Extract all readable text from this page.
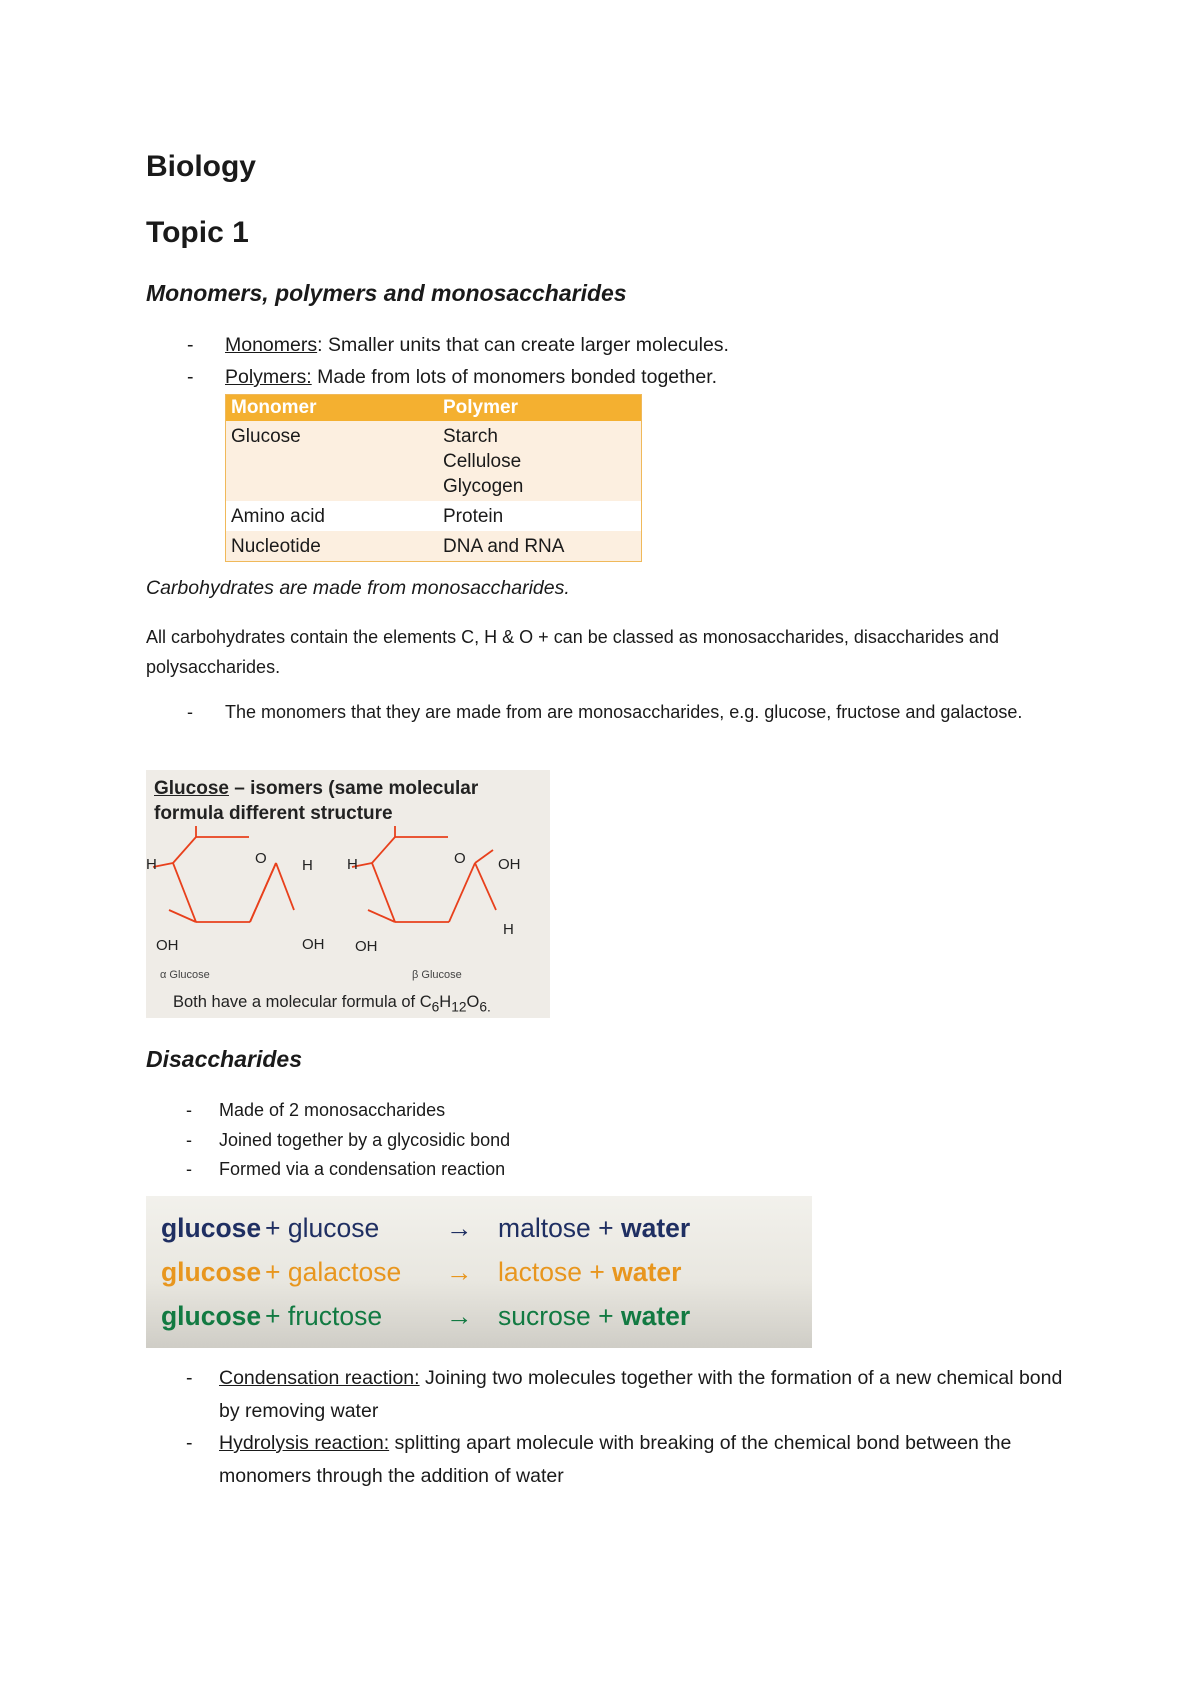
Biology
Topic 1
Monomers, polymers and monosaccharides
- Monomers: Smaller units that can create larger molecules.
- Polymers: Made from lots of monomers bonded together.
Monomer	Polymer
Glucose	Starch
Cellulose
Glycogen
Amino acid	Protein
Nucleotide	DNA and RNA
Carbohydrates are made from monosaccharides.
All carbohydrates contain the elements C, H & O + can be classed as monosaccharides, disaccharides and polysaccharides.
- The monomers that they are made from are monosaccharides, e.g. glucose, fructose and galactose.
Glucose – isomers (same molecular
formula different structure
H	O H
OH	OH
α Glucose
H	O OH
OH
H
β Glucose
Both have a molecular formula of $C_6H_{12}O_{6.}$
Disaccharides
- Made of 2 monosaccharides
- Joined together by a glycosidic bond
- Formed via a condensation reaction
glucose + glucose	→ maltose + water
glucose + galactose → lactose + water
glucose + fructose → sucrose + water
- Condensation reaction: Joining two molecules together with the formation of a new chemical bond by removing water
- Hydrolysis reaction: splitting apart molecule with breaking of the chemical bond between the monomers through the addition of water
